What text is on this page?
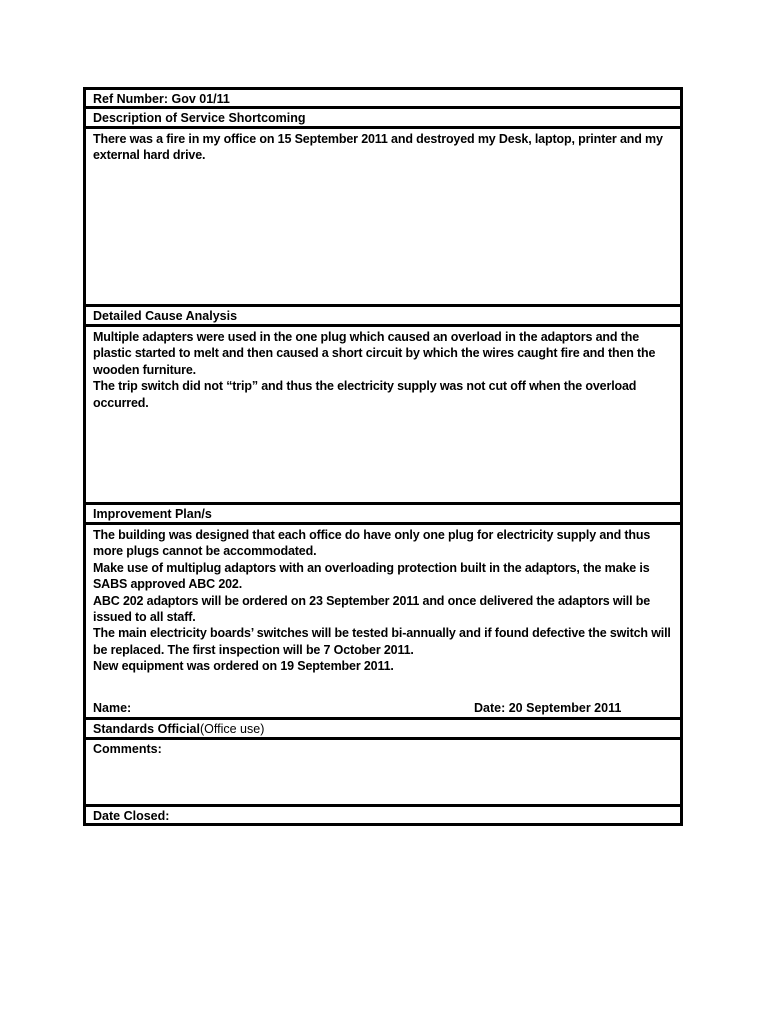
Ref Number: Gov 01/11
Description of Service Shortcoming

There was a fire in my office on 15 September 2011 and destroyed my Desk, laptop, printer and my external hard drive.

Detailed Cause Analysis

Multiple adapters were used in the one plug which caused an overload in the adaptors and the plastic started to melt and then caused a short circuit by which the wires caught fire and then the wooden furniture.

The trip switch did not “trip” and thus the electricity supply was not cut off when the overload occurred.

Improvement Plan/s

The building was designed that each office do have only one plug for electricity supply and thus more plugs cannot be accommodated.

Make use of multiplug adaptors with an overloading protection built in the adaptors, the make is SABS approved ABC 202.

ABC 202 adaptors will be ordered on 23 September 2011 and once delivered the adaptors will be issued to all staff.

The main electricity boards’ switches will be tested bi-annually and if found defective the switch will be replaced. The first inspection will be 7 October 2011.

New equipment was ordered on 19 September 2011.

Name:	Date: 20 September 2011
Standards Official(Office use)
Comments:
Date Closed:
